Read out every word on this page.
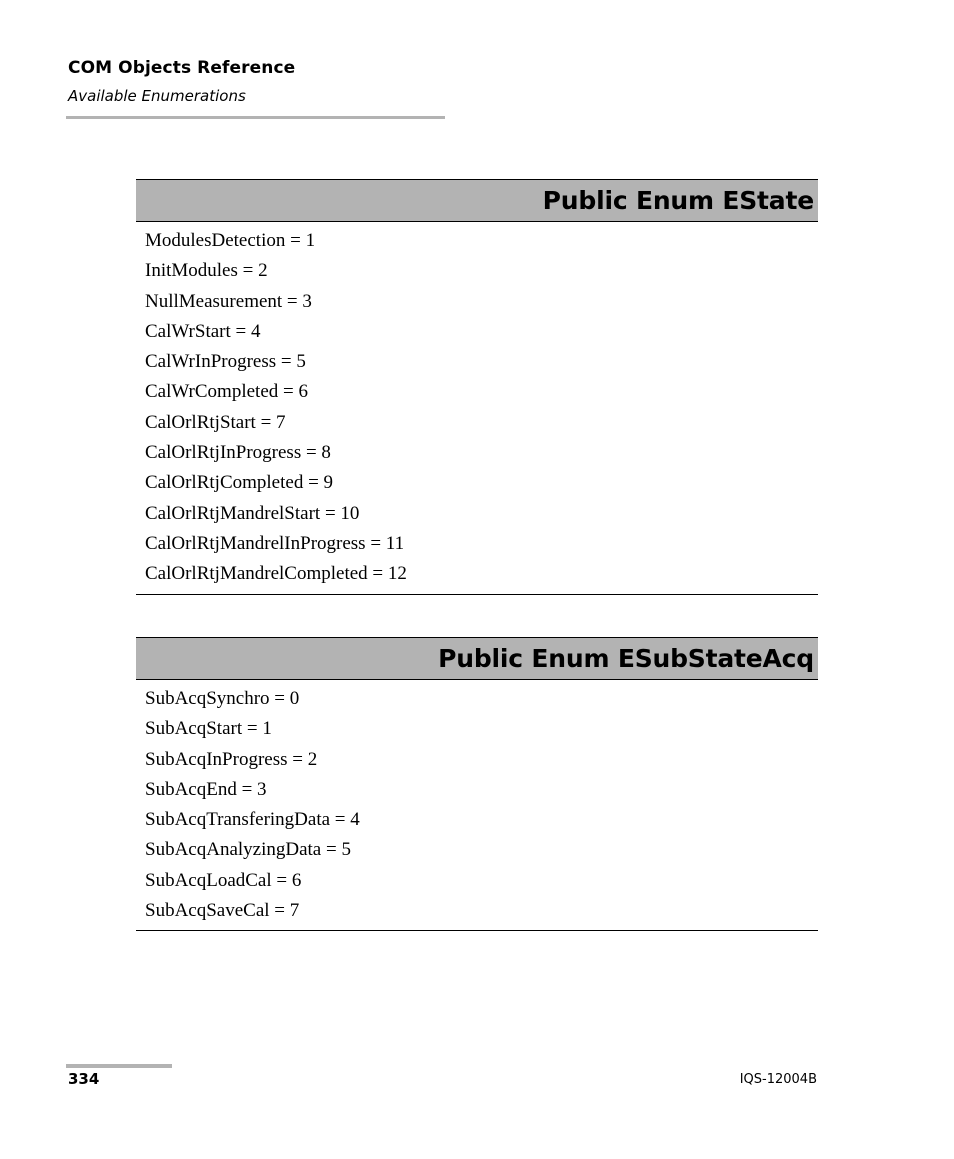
COM Objects Reference
Available Enumerations
Public Enum EState
ModulesDetection = 1
InitModules = 2
NullMeasurement = 3
CalWrStart = 4
CalWrInProgress = 5
CalWrCompleted = 6
CalOrlRtjStart = 7
CalOrlRtjInProgress = 8
CalOrlRtjCompleted = 9
CalOrlRtjMandrelStart = 10
CalOrlRtjMandrelInProgress = 11
CalOrlRtjMandrelCompleted = 12
Public Enum ESubStateAcq
SubAcqSynchro = 0
SubAcqStart = 1
SubAcqInProgress = 2
SubAcqEnd = 3
SubAcqTransferingData = 4
SubAcqAnalyzingData = 5
SubAcqLoadCal = 6
SubAcqSaveCal = 7
334	IQS-12004B
